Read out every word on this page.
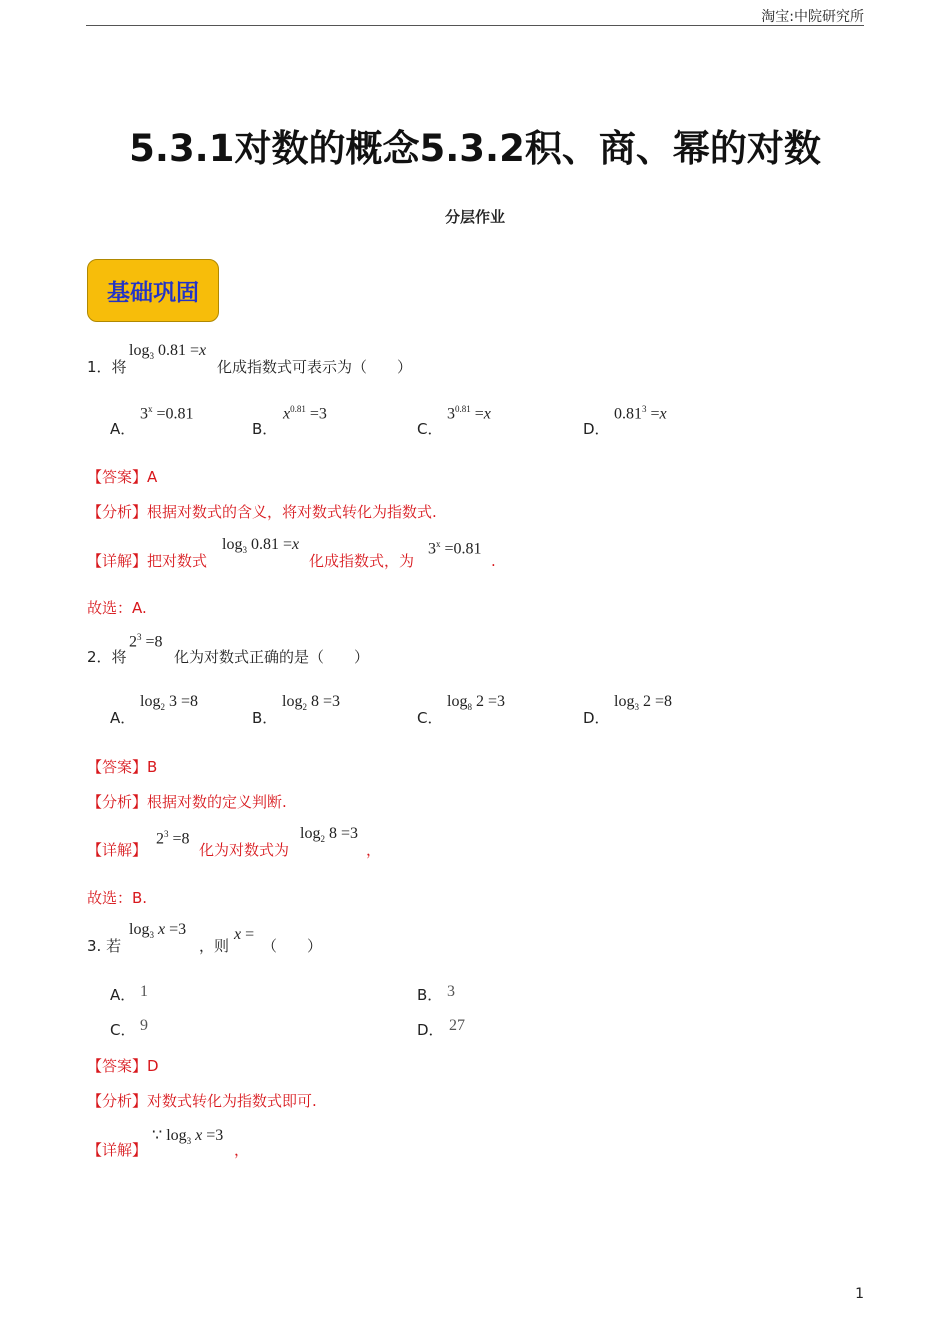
淘宝:中院研究所
5.3.1对数的概念5.3.2积、商、幂的对数
分层作业
基础巩固
1．将
$\log_3 0.81 =x$
化成指数式可表示为（　　）
A．
$3^x =0.81$
B．
$x^{0.81} =3$
C．
$3^{0.81} =x$
D．
$0.81^3 =x$
【答案】A
【分析】根据对数式的含义，将对数式转化为指数式.
【详解】把对数式
$\log_3 0.81 =x$
化成指数式，为
$3^x =0.81$
.
故选：A.
2．将
$2^3 =8$
化为对数式正确的是（　　）
A．
$\log_2 3 =8$
B．
$\log_2 8 =3$
C．
$\log_8 2 =3$
D．
$\log_3 2 =8$
【答案】B
【分析】根据对数的定义判断.
【详解】
$2^3 =8$
化为对数式为
$\log_2 8 =3$
，
故选：B.
3. 若
$\log_3 x =3$
，则
x =
（　　）
A． 1	B． 3
C． 9	D． 27
【答案】D
【分析】对数式转化为指数式即可.
【详解】
∵ $\log_3 x =3$
，
1
